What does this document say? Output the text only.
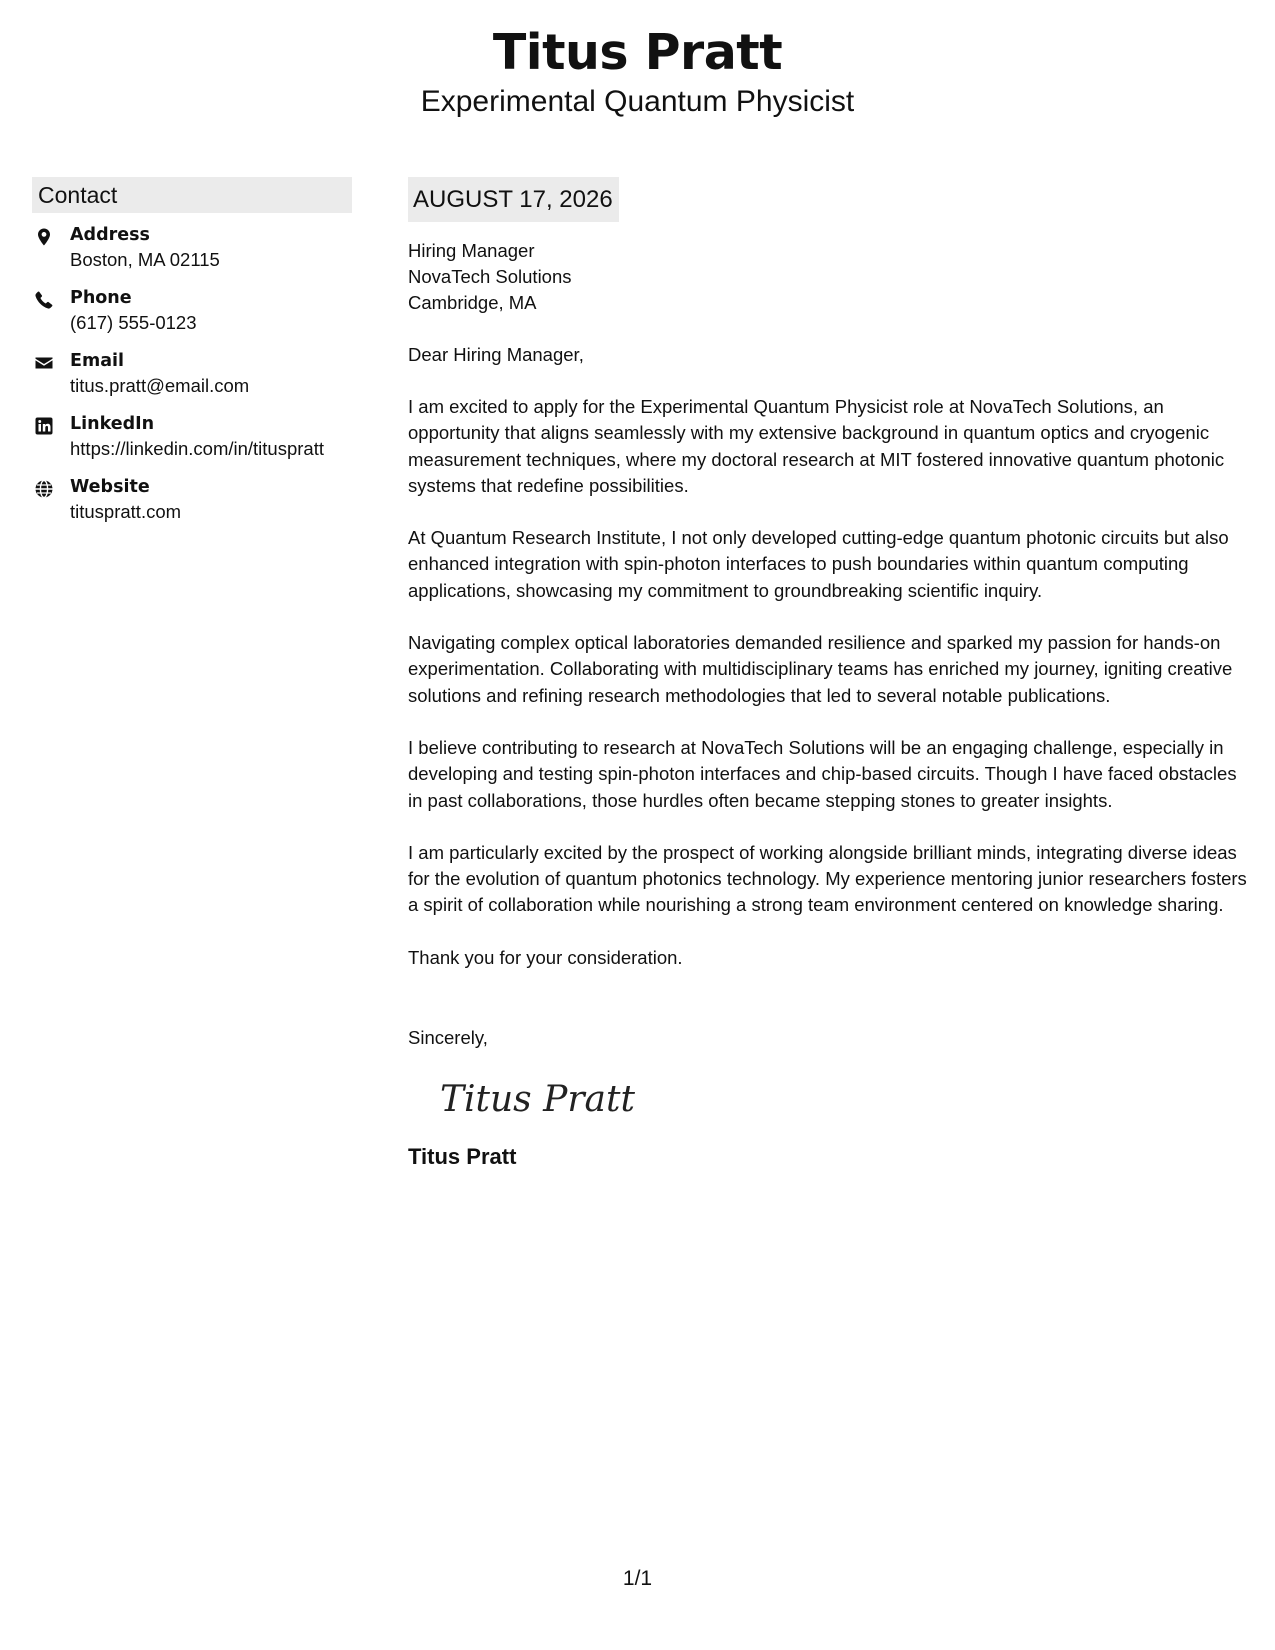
Titus Pratt
Experimental Quantum Physicist
Contact
Address
Boston, MA 02115
Phone
(617) 555-0123
Email
titus.pratt@email.com
LinkedIn
https://linkedin.com/in/tituspratt
Website
tituspratt.com
AUGUST 17, 2026
Hiring Manager
NovaTech Solutions
Cambridge, MA
Dear Hiring Manager,
I am excited to apply for the Experimental Quantum Physicist role at NovaTech Solutions, an opportunity that aligns seamlessly with my extensive background in quantum optics and cryogenic measurement techniques, where my doctoral research at MIT fostered innovative quantum photonic systems that redefine possibilities.
At Quantum Research Institute, I not only developed cutting-edge quantum photonic circuits but also enhanced integration with spin-photon interfaces to push boundaries within quantum computing applications, showcasing my commitment to groundbreaking scientific inquiry.
Navigating complex optical laboratories demanded resilience and sparked my passion for hands-on experimentation. Collaborating with multidisciplinary teams has enriched my journey, igniting creative solutions and refining research methodologies that led to several notable publications.
I believe contributing to research at NovaTech Solutions will be an engaging challenge, especially in developing and testing spin-photon interfaces and chip-based circuits. Though I have faced obstacles in past collaborations, those hurdles often became stepping stones to greater insights.
I am particularly excited by the prospect of working alongside brilliant minds, integrating diverse ideas for the evolution of quantum photonics technology. My experience mentoring junior researchers fosters a spirit of collaboration while nourishing a strong team environment centered on knowledge sharing.
Thank you for your consideration.
Sincerely,
Titus Pratt
Titus Pratt
1/1
